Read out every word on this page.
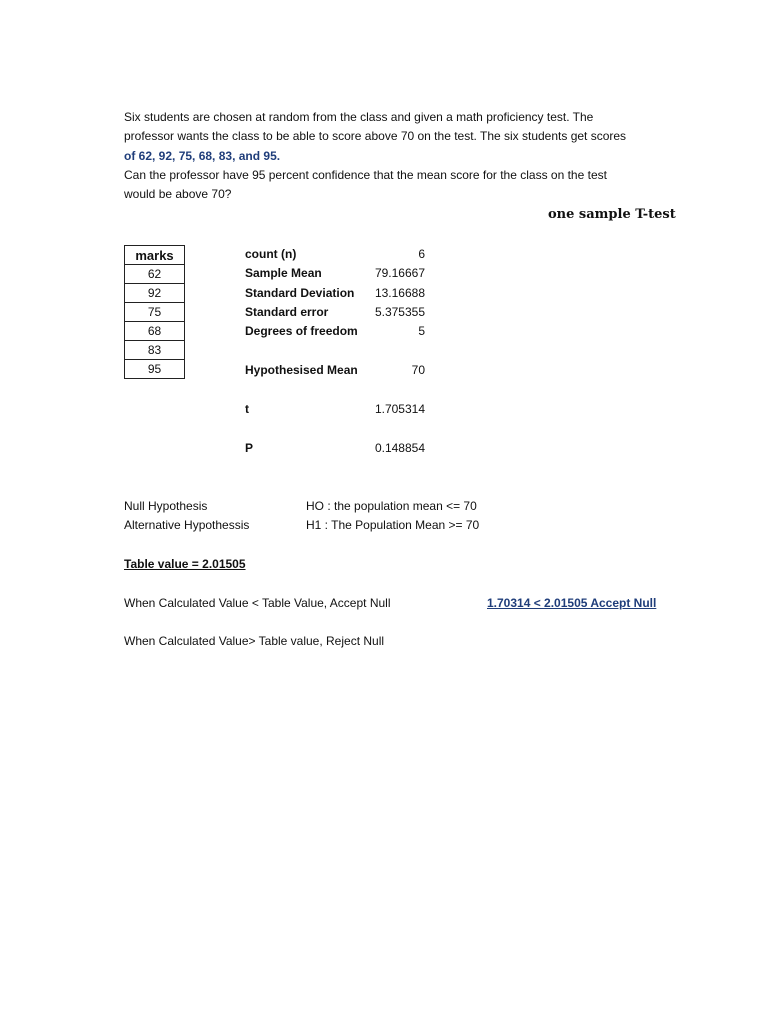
Six students are chosen at random from the class and given a math proficiency test. The
professor wants the class to be able to score above 70 on the test. The six students get scores
of 62, 92, 75, 68, 83, and 95.
Can the professor have 95 percent confidence that the mean score for the class on the test
would be above 70?
one sample T-test
marks
62
92
75
68
83
95
count (n)	6
Sample Mean	79.16667
Standard Deviation 13.16688
Standard error	5.375355
Degrees of freedom	5
Hypothesised Mean	70
t	1.705314
P	0.148854
Null Hypothesis	HO : the population mean <= 70
Alternative Hypothessis	H1 : The Population Mean >= 70
Table value = 2.01505
When Calculated Value < Table Value, Accept Null	1.70314 < 2.01505 Accept Null
When Calculated Value> Table value, Reject Null
